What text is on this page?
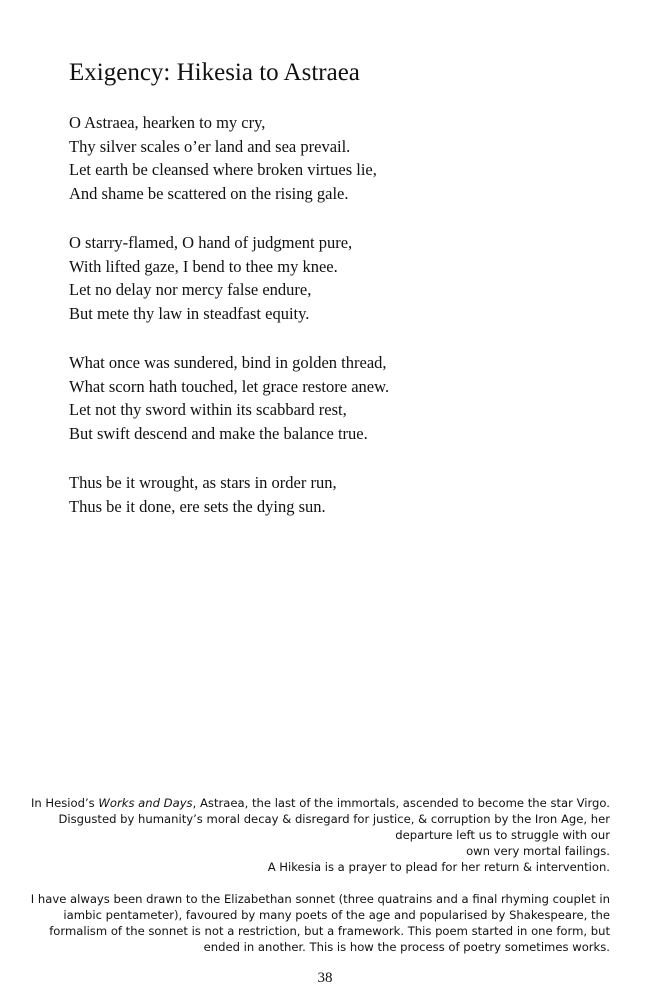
Exigency: Hikesia to Astraea

O Astraea, hearken to my cry,
Thy silver scales o’er land and sea prevail.
Let earth be cleansed where broken virtues lie,
And shame be scattered on the rising gale.

O starry-flamed, O hand of judgment pure,
With lifted gaze, I bend to thee my knee.
Let no delay nor mercy false endure,
But mete thy law in steadfast equity.

What once was sundered, bind in golden thread,
What scorn hath touched, let grace restore anew.
Let not thy sword within its scabbard rest,
But swift descend and make the balance true.

Thus be it wrought, as stars in order run,
Thus be it done, ere sets the dying sun.

In Hesiod’s Works and Days, Astraea, the last of the immortals, ascended to become the star Virgo.
Disgusted by humanity’s moral decay & disregard for justice, & corruption by the Iron Age, her
departure left us to struggle with our
own very mortal failings.
A Hikesia is a prayer to plead for her return & intervention.
I have always been drawn to the Elizabethan sonnet (three quatrains and a final rhyming couplet in
iambic pentameter), favoured by many poets of the age and popularised by Shakespeare, the
formalism of the sonnet is not a restriction, but a framework. This poem started in one form, but
ended in another. This is how the process of poetry sometimes works.
38
